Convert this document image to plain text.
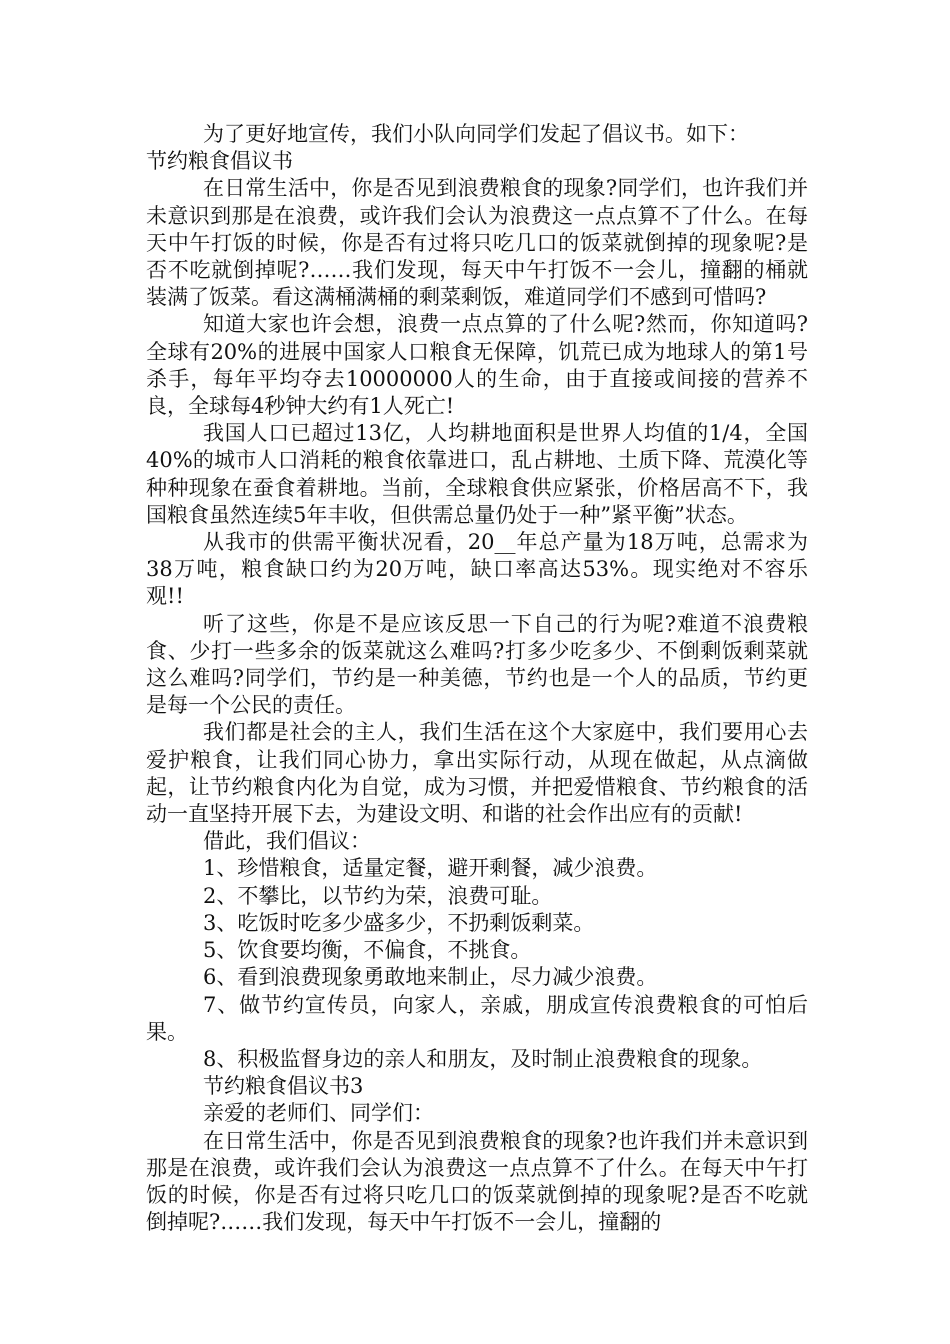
为了更好地宣传，我们小队向同学们发起了倡议书。如下：

节约粮食倡议书

在日常生活中，你是否见到浪费粮食的现象?同学们，也许我们并未意识到那是在浪费，或许我们会认为浪费这一点点算不了什么。在每天中午打饭的时候，你是否有过将只吃几口的饭菜就倒掉的现象呢?是否不吃就倒掉呢?……我们发现，每天中午打饭不一会儿，撞翻的桶就装满了饭菜。看这满桶满桶的剩菜剩饭，难道同学们不感到可惜吗?

知道大家也许会想，浪费一点点算的了什么呢?然而，你知道吗?全球有20%的进展中国家人口粮食无保障，饥荒已成为地球人的第1号杀手，每年平均夺去10000000人的生命，由于直接或间接的营养不良，全球每4秒钟大约有1人死亡!

我国人口已超过13亿，人均耕地面积是世界人均值的1/4，全国40%的城市人口消耗的粮食依靠进口，乱占耕地、土质下降、荒漠化等种种现象在蚕食着耕地。当前，全球粮食供应紧张，价格居高不下，我国粮食虽然连续5年丰收，但供需总量仍处于一种”紧平衡”状态。

从我市的供需平衡状况看，20__年总产量为18万吨，总需求为38万吨，粮食缺口约为20万吨，缺口率高达53%。现实绝对不容乐观!!

听了这些，你是不是应该反思一下自己的行为呢?难道不浪费粮食、少打一些多余的饭菜就这么难吗?打多少吃多少、不倒剩饭剩菜就这么难吗?同学们，节约是一种美德，节约也是一个人的品质，节约更是每一个公民的责任。

我们都是社会的主人，我们生活在这个大家庭中，我们要用心去爱护粮食，让我们同心协力，拿出实际行动，从现在做起，从点滴做起，让节约粮食内化为自觉，成为习惯，并把爱惜粮食、节约粮食的活动一直坚持开展下去，为建设文明、和谐的社会作出应有的贡献!

借此，我们倡议：

1、珍惜粮食，适量定餐，避开剩餐，减少浪费。

2、不攀比，以节约为荣，浪费可耻。

3、吃饭时吃多少盛多少，不扔剩饭剩菜。

5、饮食要均衡，不偏食，不挑食。

6、看到浪费现象勇敢地来制止，尽力减少浪费。

7、做节约宣传员，向家人，亲戚，朋成宣传浪费粮食的可怕后果。

8、积极监督身边的亲人和朋友，及时制止浪费粮食的现象。

节约粮食倡议书3

亲爱的老师们、同学们：

在日常生活中，你是否见到浪费粮食的现象?也许我们并未意识到那是在浪费，或许我们会认为浪费这一点点算不了什么。在每天中午打饭的时候，你是否有过将只吃几口的饭菜就倒掉的现象呢?是否不吃就倒掉呢?……我们发现，每天中午打饭不一会儿，撞翻的
